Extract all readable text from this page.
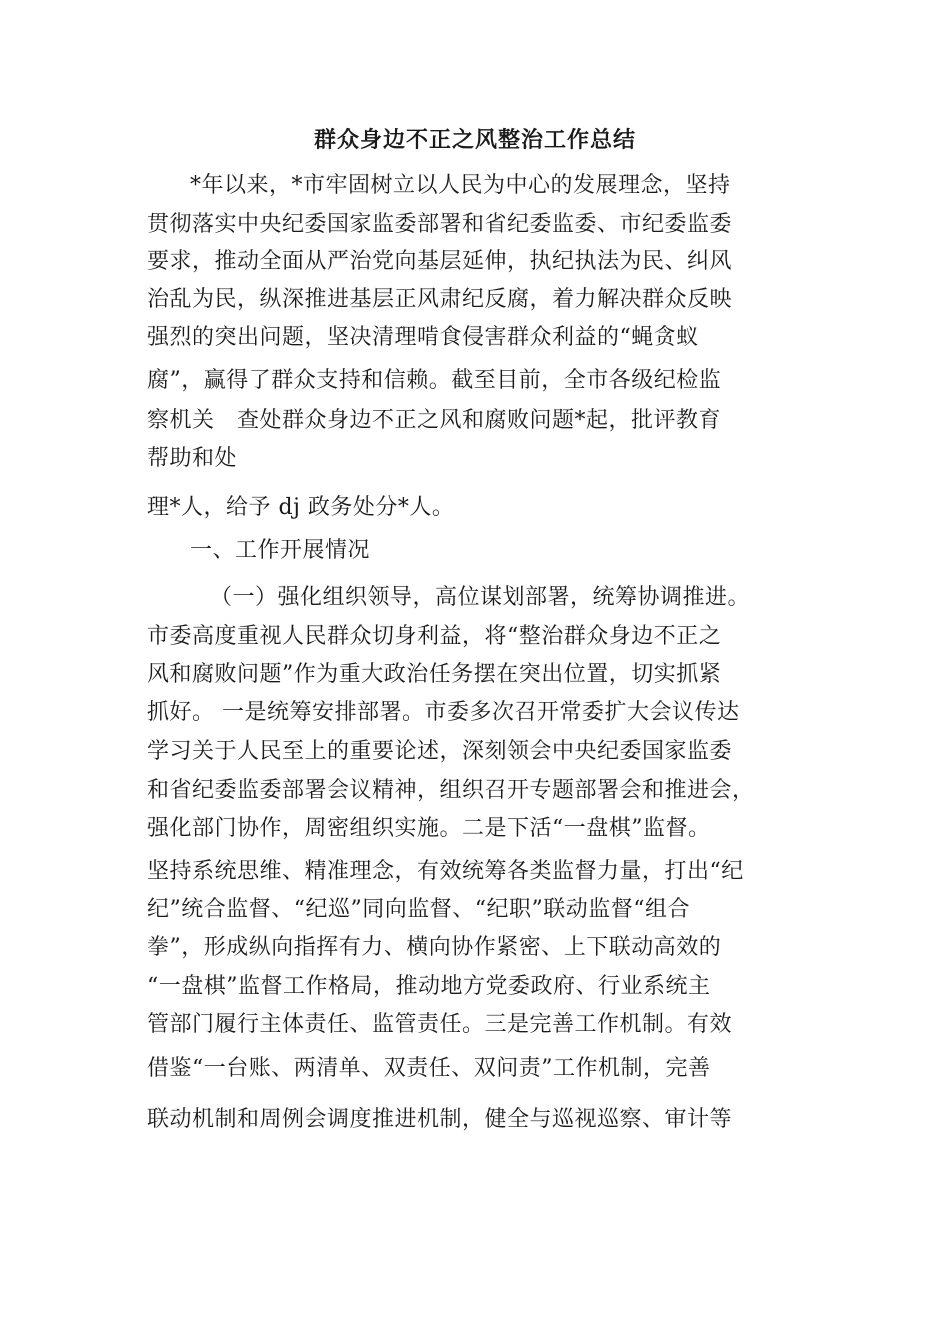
群众身边不正之风整治工作总结

*年以来，*市牢固树立以人民为中心的发展理念，坚持

贯彻落实中央纪委国家监委部署和省纪委监委、市纪委监委

要求，推动全面从严治党向基层延伸，执纪执法为民、纠风

治乱为民，纵深推进基层正风肃纪反腐，着力解决群众反映

强烈的突出问题，坚决清理啃食侵害群众利益的“蝇贪蚁

腐”，赢得了群众支持和信赖。截至目前，全市各级纪检监

察机关　查处群众身边不正之风和腐败问题*起，批评教育

帮助和处

理*人，给予 dj 政务处分*人。

一、工作开展情况

（一）强化组织领导，高位谋划部署，统筹协调推进。

市委高度重视人民群众切身利益，将“整治群众身边不正之

风和腐败问题”作为重大政治任务摆在突出位置，切实抓紧

抓好。 一是统筹安排部署。市委多次召开常委扩大会议传达

学习关于人民至上的重要论述，深刻领会中央纪委国家监委

和省纪委监委部署会议精神，组织召开专题部署会和推进会，

强化部门协作，周密组织实施。二是下活“一盘棋”监督。

坚持系统思维、精准理念，有效统筹各类监督力量，打出“纪

纪”统合监督、“纪巡”同向监督、“纪职”联动监督“组合

拳”，形成纵向指挥有力、横向协作紧密、上下联动高效的

“一盘棋”监督工作格局，推动地方党委政府、行业系统主

管部门履行主体责任、监管责任。三是完善工作机制。有效

借鉴“一台账、两清单、双责任、双问责”工作机制，完善

联动机制和周例会调度推进机制，健全与巡视巡察、审计等
